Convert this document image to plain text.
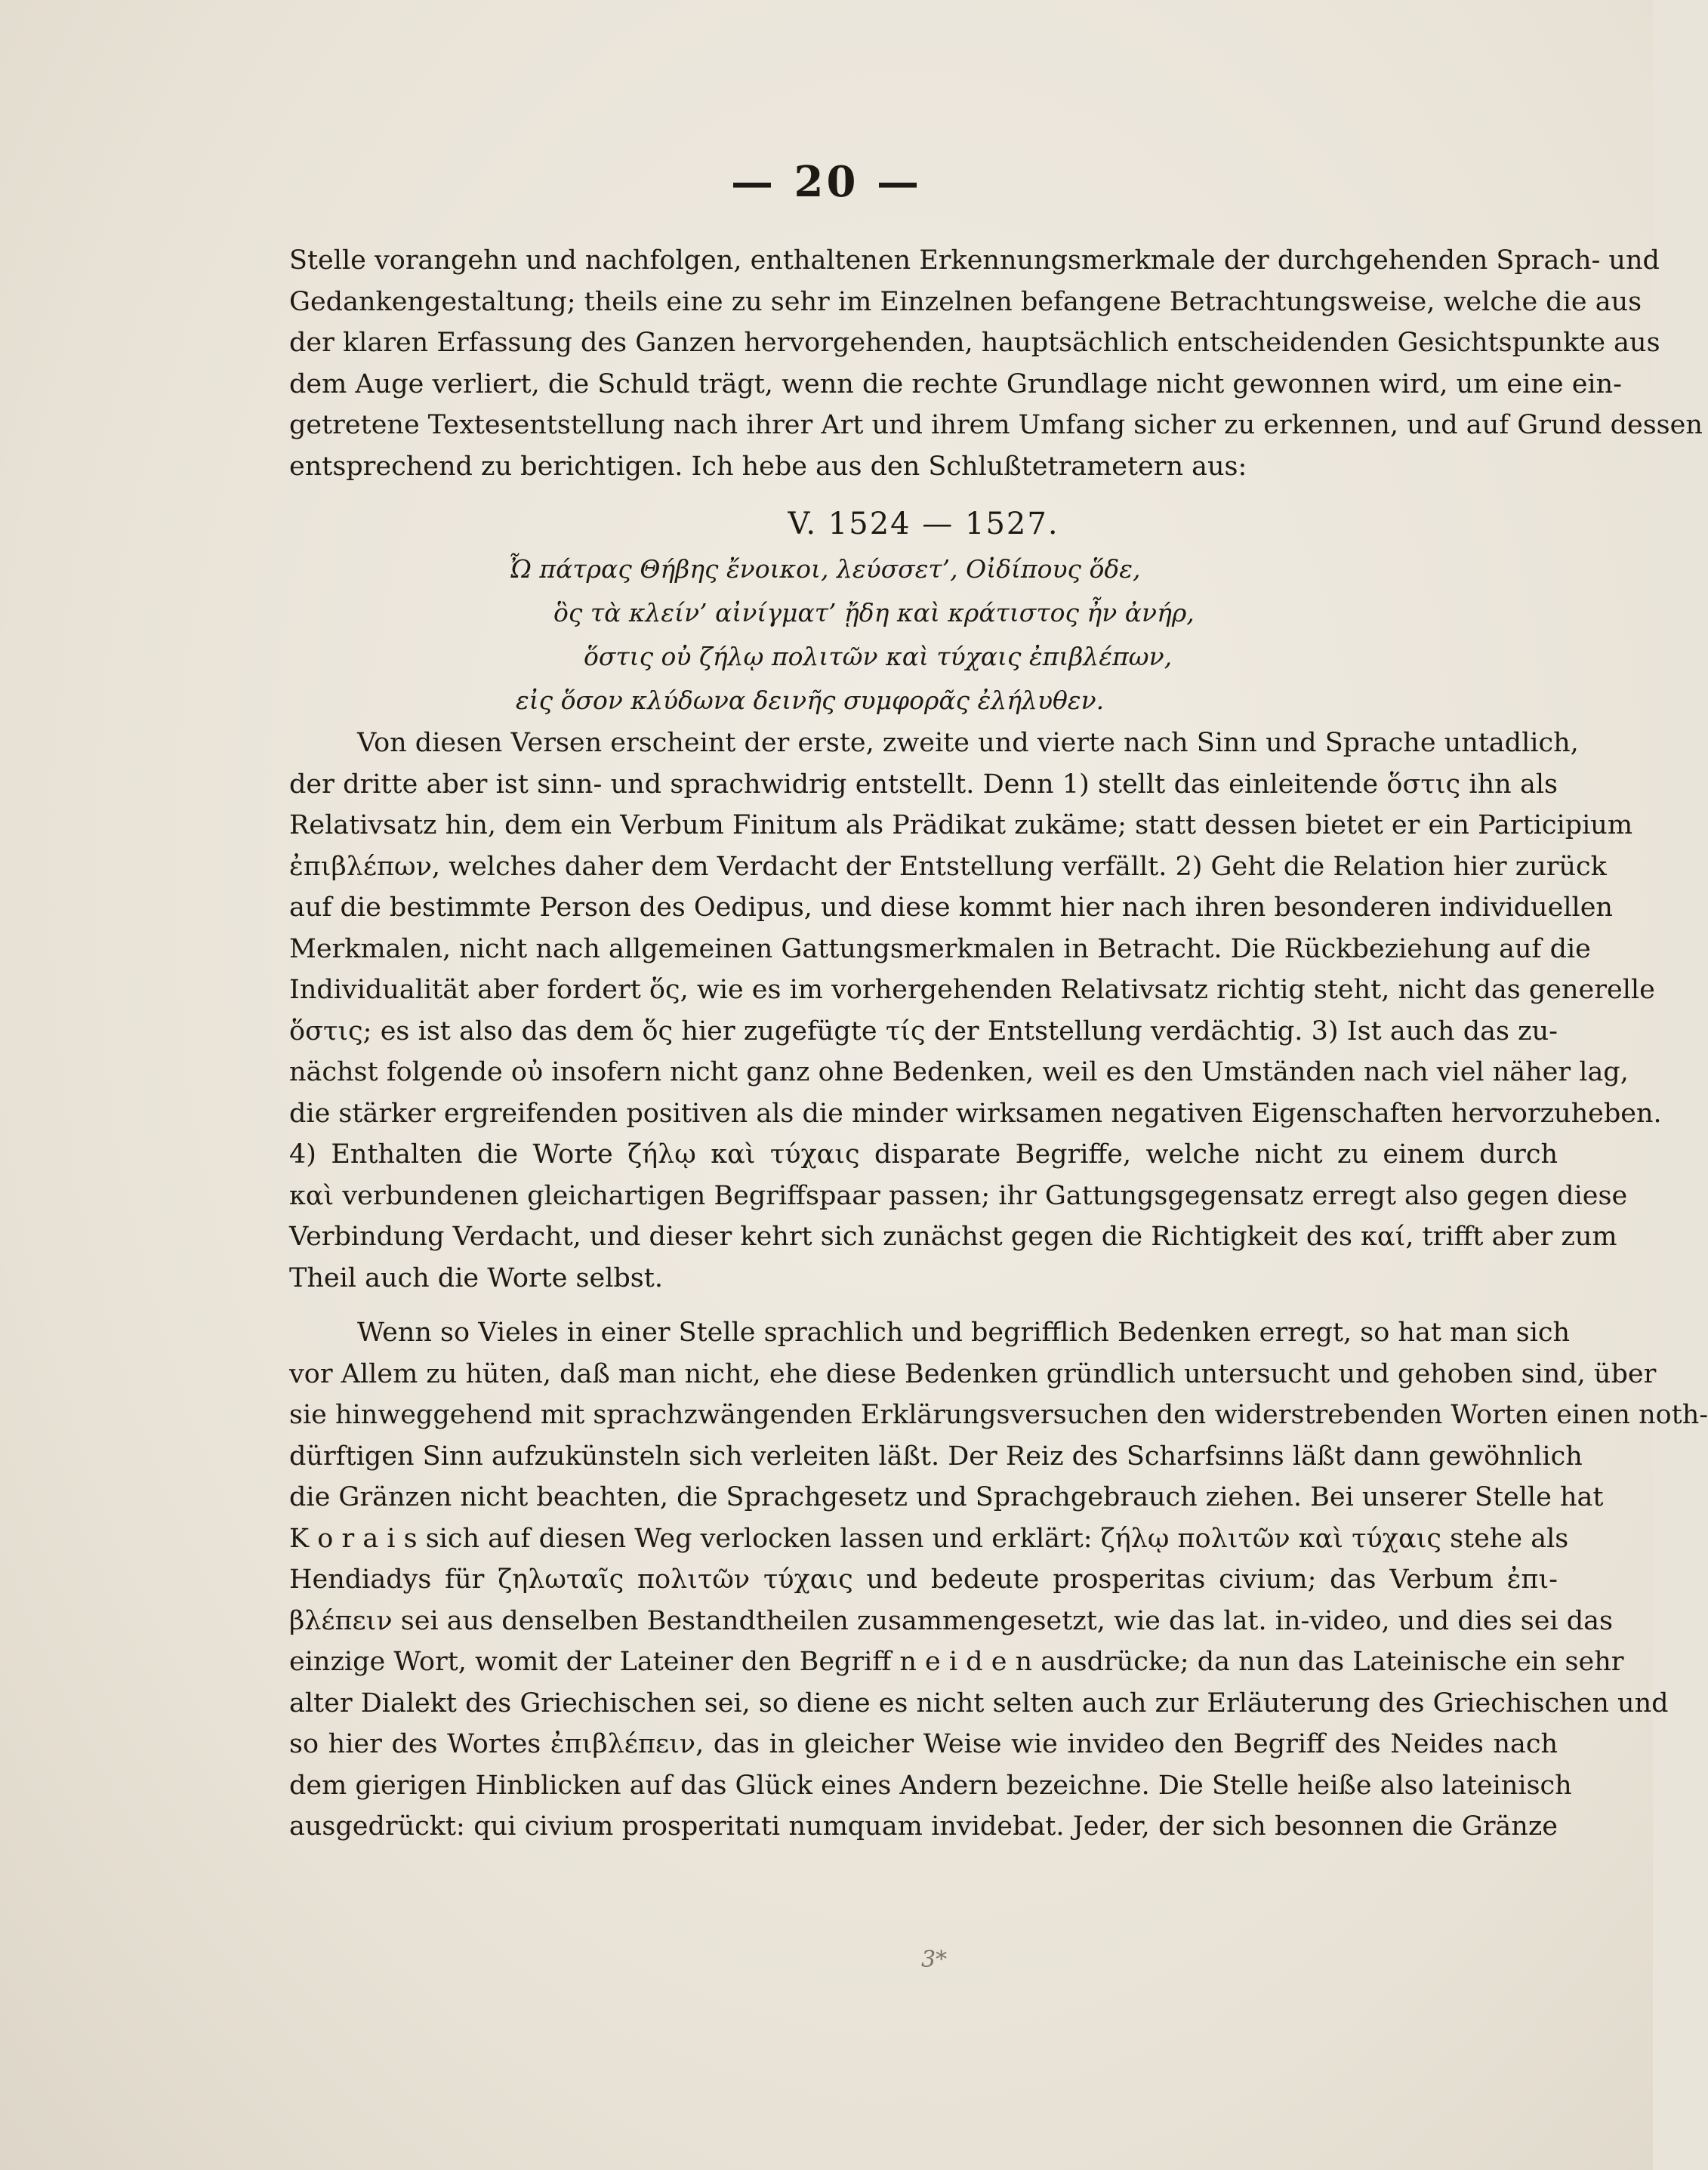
— 20 —
Stelle vorangehn und nachfolgen, enthaltenen Erkennungsmerkmale der durchgehenden Sprach- und
Gedankengestaltung; theils eine zu sehr im Einzelnen befangene Betrachtungsweise, welche die aus
der klaren Erfassung des Ganzen hervorgehenden, hauptsächlich entscheidenden Gesichtspunkte aus
dem Auge verliert, die Schuld trägt, wenn die rechte Grundlage nicht gewonnen wird, um eine ein-
getretene Textesentstellung nach ihrer Art und ihrem Umfang sicher zu erkennen, und auf Grund dessen
entsprechend zu berichtigen. Ich hebe aus den Schlußtetrametern aus:
V. 1524 — 1527.
Ὦ πάτρας Θήβης ἔνοικοι, λεύσσετ’, Οἰδίπους ὅδε,
ὃς τὰ κλείν’ αἰνίγματ’ ᾔδη καὶ κράτιστος ἦν ἀνήρ,
ὅστις οὐ ζήλῳ πολιτῶν καὶ τύχαις ἐπιβλέπων,
εἰς ὅσον κλύδωνα δεινῆς συμφορᾶς ἐλήλυθεν.
Von diesen Versen erscheint der erste, zweite und vierte nach Sinn und Sprache untadlich,
der dritte aber ist sinn- und sprachwidrig entstellt. Denn 1) stellt das einleitende ὅστις ihn als
Relativsatz hin, dem ein Verbum Finitum als Prädikat zukäme; statt dessen bietet er ein Participium
ἐπιβλέπων, welches daher dem Verdacht der Entstellung verfällt. 2) Geht die Relation hier zurück
auf die bestimmte Person des Oedipus, und diese kommt hier nach ihren besonderen individuellen
Merkmalen, nicht nach allgemeinen Gattungsmerkmalen in Betracht. Die Rückbeziehung auf die
Individualität aber fordert ὅς, wie es im vorhergehenden Relativsatz richtig steht, nicht das generelle
ὅστις; es ist also das dem ὅς hier zugefügte τίς der Entstellung verdächtig. 3) Ist auch das zu-
nächst folgende οὐ insofern nicht ganz ohne Bedenken, weil es den Umständen nach viel näher lag,
die stärker ergreifenden positiven als die minder wirksamen negativen Eigenschaften hervorzuheben.
4) Enthalten die Worte ζήλῳ καὶ τύχαις disparate Begriffe, welche nicht zu einem durch
καὶ verbundenen gleichartigen Begriffspaar passen; ihr Gattungsgegensatz erregt also gegen diese
Verbindung Verdacht, und dieser kehrt sich zunächst gegen die Richtigkeit des καί, trifft aber zum
Theil auch die Worte selbst.
Wenn so Vieles in einer Stelle sprachlich und begrifflich Bedenken erregt, so hat man sich
vor Allem zu hüten, daß man nicht, ehe diese Bedenken gründlich untersucht und gehoben sind, über
sie hinweggehend mit sprachzwängenden Erklärungsversuchen den widerstrebenden Worten einen noth-
dürftigen Sinn aufzukünsteln sich verleiten läßt. Der Reiz des Scharfsinns läßt dann gewöhnlich
die Gränzen nicht beachten, die Sprachgesetz und Sprachgebrauch ziehen. Bei unserer Stelle hat
K o r a i s sich auf diesen Weg verlocken lassen und erklärt: ζήλῳ πολιτῶν καὶ τύχαις stehe als
Hendiadys für ζηλωταῖς πολιτῶν τύχαις und bedeute prosperitas civium; das Verbum ἐπι-
βλέπειν sei aus denselben Bestandtheilen zusammengesetzt, wie das lat. in-video, und dies sei das
einzige Wort, womit der Lateiner den Begriff n e i d e n ausdrücke; da nun das Lateinische ein sehr
alter Dialekt des Griechischen sei, so diene es nicht selten auch zur Erläuterung des Griechischen und
so hier des Wortes ἐπιβλέπειν, das in gleicher Weise wie invideo den Begriff des Neides nach
dem gierigen Hinblicken auf das Glück eines Andern bezeichne. Die Stelle heiße also lateinisch
ausgedrückt: qui civium prosperitati numquam invidebat. Jeder, der sich besonnen die Gränze
3*
